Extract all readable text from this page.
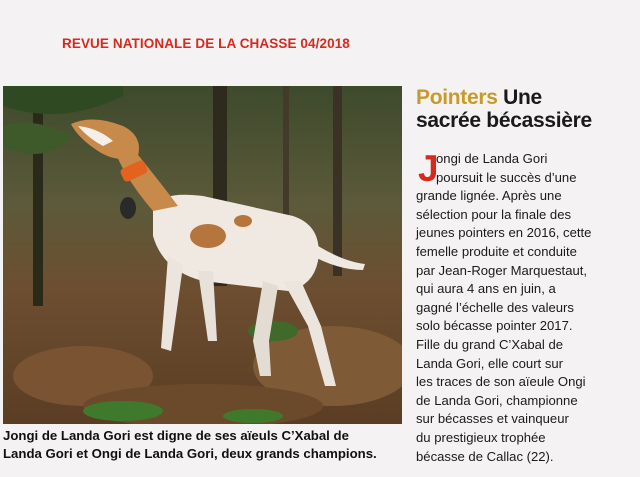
REVUE NATIONALE DE LA CHASSE 04/2018
Jongi de Landa Gori est digne de ses aïeuls C’Xabal de
Landa Gori et Ongi de Landa Gori, deux grands champions.
Pointers Une
sacrée bécassière
J
ongi de Landa Gori
poursuit le succès d’une
grande lignée. Après une
sélection pour la finale des
jeunes pointers en 2016, cette
femelle produite et conduite
par Jean-Roger Marquestaut,
qui aura 4 ans en juin, a
gagné l’échelle des valeurs
solo bécasse pointer 2017.
Fille du grand C’Xabal de
Landa Gori, elle court sur
les traces de son aïeule Ongi
de Landa Gori, championne
sur bécasses et vainqueur
du prestigieux trophée
bécasse de Callac (22).
